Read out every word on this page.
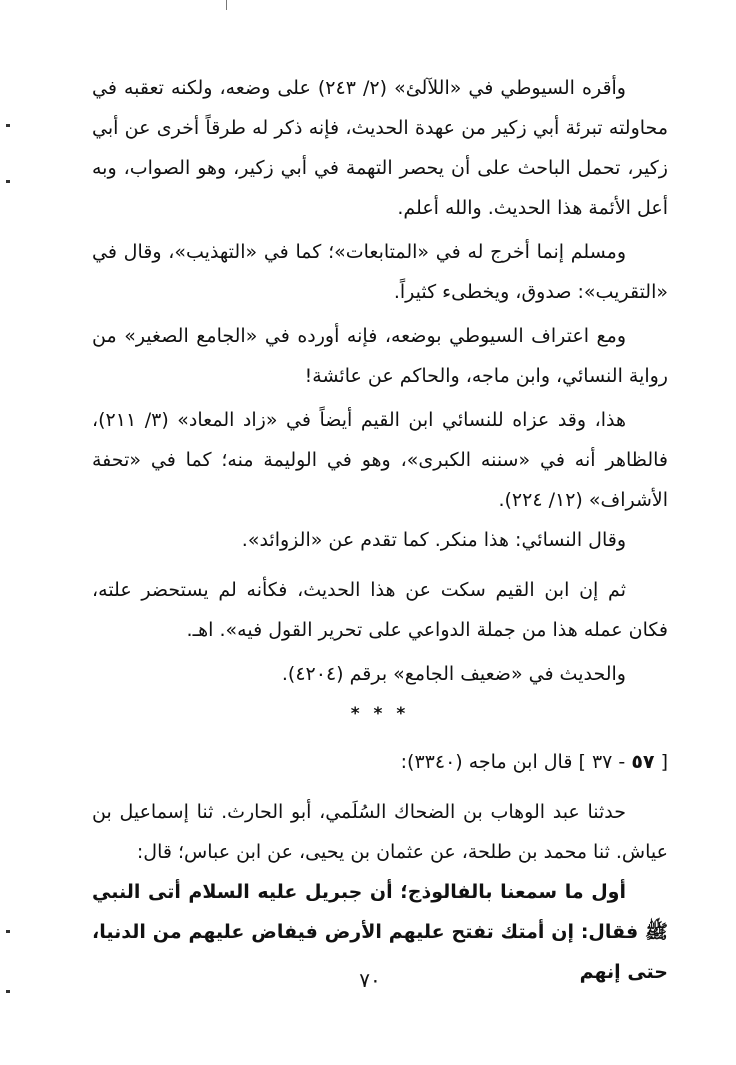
وأقره السيوطي في «اللآلئ» (٢/ ٢٤٣) على وضعه، ولكنه تعقبه في محاولته تبرئة أبي زكير من عهدة الحديث، فإنه ذكر له طرقاً أخرى عن أبي زكير، تحمل الباحث على أن يحصر التهمة في أبي زكير، وهو الصواب، وبه أعل الأئمة هذا الحديث. والله أعلم.

ومسلم إنما أخرج له في «المتابعات»؛ كما في «التهذيب»، وقال في «التقريب»: صدوق، ويخطىء كثيراً.

ومع اعتراف السيوطي بوضعه، فإنه أورده في «الجامع الصغير» من رواية النسائي، وابن ماجه، والحاكم عن عائشة!

هذا، وقد عزاه للنسائي ابن القيم أيضاً في «زاد المعاد» (٣/ ٢١١)، فالظاهر أنه في «سننه الكبرى»، وهو في الوليمة منه؛ كما في «تحفة الأشراف» (١٢/ ٢٢٤).

وقال النسائي: هذا منكر. كما تقدم عن «الزوائد».

ثم إن ابن القيم سكت عن هذا الحديث، فكأنه لم يستحضر علته، فكان عمله هذا من جملة الدواعي على تحرير القول فيه». اهـ.

والحديث في «ضعيف الجامع» برقم (٤٢٠٤).

* * *
[ ٥٧ - ٣٧ ] قال ابن ماجه (٣٣٤٠):

حدثنا عبد الوهاب بن الضحاك السُلَمي، أبو الحارث. ثنا إسماعيل بن عياش. ثنا محمد بن طلحة، عن عثمان بن يحيى، عن ابن عباس؛ قال:

أول ما سمعنا بالفالوذج؛ أن جبريل عليه السلام أتى النبي ﷺ فقال: إن أمتك تفتح عليهم الأرض فيفاض عليهم من الدنيا، حتى إنهم

٧٠
